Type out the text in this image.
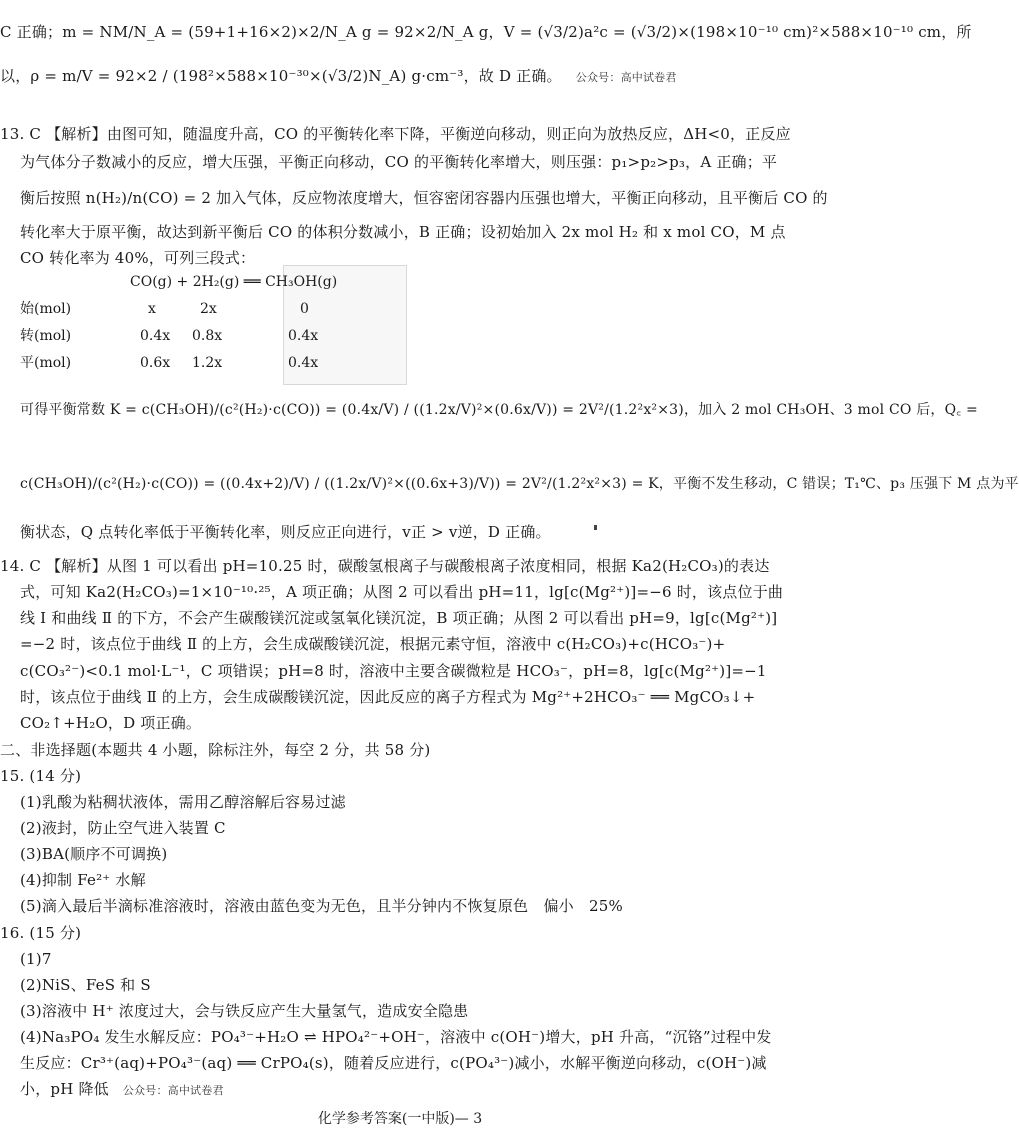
C 正确；m = NM/N_A = (59+1+16×2)×2/N_A g = 92×2/N_A g，V = (√3/2)a²c = (√3/2)×(198×10⁻¹⁰ cm)²×588×10⁻¹⁰ cm，所
以，ρ = m/V = 92×2 / (198²×588×10⁻³⁰×(√3/2)N_A) g·cm⁻³，故 D 正确。 公众号：高中试卷君
13. C 【解析】由图可知，随温度升高，CO 的平衡转化率下降，平衡逆向移动，则正向为放热反应，ΔH<0，正反应
为气体分子数减小的反应，增大压强，平衡正向移动，CO 的平衡转化率增大，则压强：p₁>p₂>p₃，A 正确；平
衡后按照 n(H₂)/n(CO) = 2 加入气体，反应物浓度增大，恒容密闭容器内压强也增大，平衡正向移动，且平衡后 CO 的
转化率大于原平衡，故达到新平衡后 CO 的体积分数减小，B 正确；设初始加入 2x mol H₂ 和 x mol CO，M 点
CO 转化率为 40%，可列三段式：
CO(g) + 2H₂(g) ══ CH₃OH(g)
始(mol)	x	2x	0
转(mol)	0.4x 0.8x	0.4x
平(mol)	0.6x 1.2x	0.4x
可得平衡常数 K = c(CH₃OH)/(c²(H₂)·c(CO)) = (0.4x/V) / ((1.2x/V)²×(0.6x/V)) = 2V²/(1.2²x²×3)，加入 2 mol CH₃OH、3 mol CO 后，Q꜀ =
c(CH₃OH)/(c²(H₂)·c(CO)) = ((0.4x+2)/V) / ((1.2x/V)²×((0.6x+3)/V)) = 2V²/(1.2²x²×3) = K，平衡不发生移动，C 错误；T₁℃、p₃ 压强下 M 点为平
衡状态，Q 点转化率低于平衡转化率，则反应正向进行，v正 > v逆，D 正确。
14. C 【解析】从图 1 可以看出 pH=10.25 时，碳酸氢根离子与碳酸根离子浓度相同，根据 Ka2(H₂CO₃)的表达
式，可知 Ka2(H₂CO₃)=1×10⁻¹⁰·²⁵，A 项正确；从图 2 可以看出 pH=11，lg[c(Mg²⁺)]=−6 时，该点位于曲
线 Ⅰ 和曲线 Ⅱ 的下方，不会产生碳酸镁沉淀或氢氧化镁沉淀，B 项正确；从图 2 可以看出 pH=9，lg[c(Mg²⁺)]
=−2 时，该点位于曲线 Ⅱ 的上方，会生成碳酸镁沉淀，根据元素守恒，溶液中 c(H₂CO₃)+c(HCO₃⁻)+
c(CO₃²⁻)<0.1 mol·L⁻¹，C 项错误；pH=8 时，溶液中主要含碳微粒是 HCO₃⁻，pH=8，lg[c(Mg²⁺)]=−1
时，该点位于曲线 Ⅱ 的上方，会生成碳酸镁沉淀，因此反应的离子方程式为 Mg²⁺+2HCO₃⁻ ══ MgCO₃↓+
CO₂↑+H₂O，D 项正确。
二、非选择题(本题共 4 小题，除标注外，每空 2 分，共 58 分)
15. (14 分)
(1)乳酸为粘稠状液体，需用乙醇溶解后容易过滤
(2)液封，防止空气进入装置 C
(3)BA(顺序不可调换)
(4)抑制 Fe²⁺ 水解
(5)滴入最后半滴标准溶液时，溶液由蓝色变为无色，且半分钟内不恢复原色　偏小　25%
16. (15 分)
(1)7
(2)NiS、FeS 和 S
(3)溶液中 H⁺ 浓度过大，会与铁反应产生大量氢气，造成安全隐患
(4)Na₃PO₄ 发生水解反应：PO₄³⁻+H₂O ⇌ HPO₄²⁻+OH⁻，溶液中 c(OH⁻)增大，pH 升高，“沉铬”过程中发
生反应：Cr³⁺(aq)+PO₄³⁻(aq) ══ CrPO₄(s)，随着反应进行，c(PO₄³⁻)减小，水解平衡逆向移动，c(OH⁻)减
小，pH 降低 公众号：高中试卷君
化学参考答案(一中版)— 3
